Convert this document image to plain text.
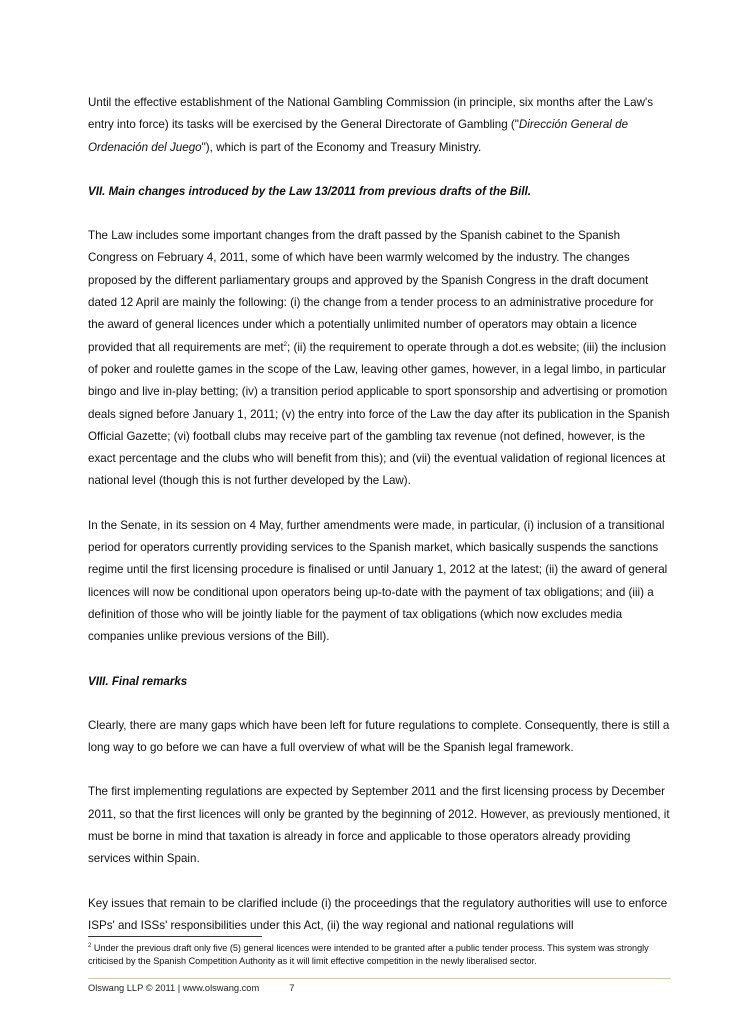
Until the effective establishment of the National Gambling Commission (in principle, six months after the Law's entry into force) its tasks will be exercised by the General Directorate of Gambling ("Dirección General de Ordenación del Juego"), which is part of the Economy and Treasury Ministry.

VII. Main changes introduced by the Law 13/2011 from previous drafts of the Bill.

The Law includes some important changes from the draft passed by the Spanish cabinet to the Spanish Congress on February 4, 2011, some of which have been warmly welcomed by the industry. The changes proposed by the different parliamentary groups and approved by the Spanish Congress in the draft document dated 12 April are mainly the following: (i) the change from a tender process to an administrative procedure for the award of general licences under which a potentially unlimited number of operators may obtain a licence provided that all requirements are met$^2$; (ii) the requirement to operate through a dot.es website; (iii) the inclusion of poker and roulette games in the scope of the Law, leaving other games, however, in a legal limbo, in particular bingo and live in-play betting; (iv) a transition period applicable to sport sponsorship and advertising or promotion deals signed before January 1, 2011; (v) the entry into force of the Law the day after its publication in the Spanish Official Gazette; (vi) football clubs may receive part of the gambling tax revenue (not defined, however, is the exact percentage and the clubs who will benefit from this); and (vii) the eventual validation of regional licences at national level (though this is not further developed by the Law).

In the Senate, in its session on 4 May, further amendments were made, in particular, (i) inclusion of a transitional period for operators currently providing services to the Spanish market, which basically suspends the sanctions regime until the first licensing procedure is finalised or until January 1, 2012 at the latest; (ii) the award of general licences will now be conditional upon operators being up-to-date with the payment of tax obligations; and (iii) a definition of those who will be jointly liable for the payment of tax obligations (which now excludes media companies unlike previous versions of the Bill).

VIII. Final remarks

Clearly, there are many gaps which have been left for future regulations to complete. Consequently, there is still a long way to go before we can have a full overview of what will be the Spanish legal framework.

The first implementing regulations are expected by September 2011 and the first licensing process by December 2011, so that the first licences will only be granted by the beginning of 2012. However, as previously mentioned, it must be borne in mind that taxation is already in force and applicable to those operators already providing services within Spain.

Key issues that remain to be clarified include (i) the proceedings that the regulatory authorities will use to enforce ISPs' and ISSs' responsibilities under this Act, (ii) the way regional and national regulations will

$^2$ Under the previous draft only five (5) general licences were intended to be granted after a public tender process. This system was strongly criticised by the Spanish Competition Authority as it will limit effective competition in the newly liberalised sector.
Olswang LLP © 2011 | www.olswang.com	7
